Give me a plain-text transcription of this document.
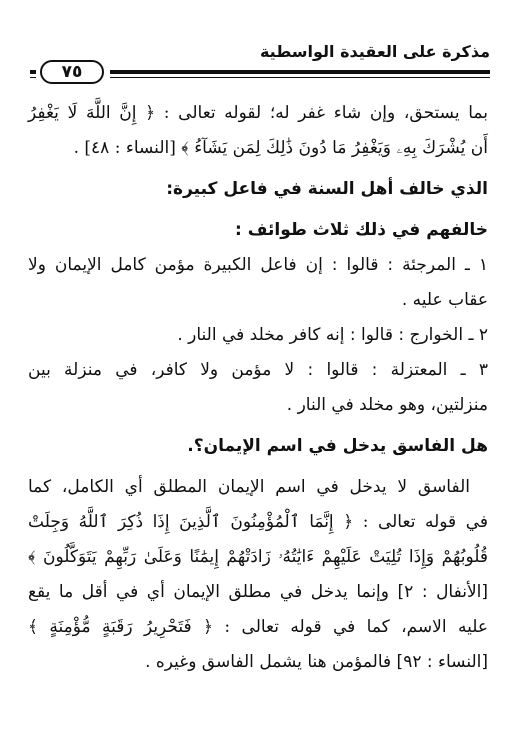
مذكرة على العقيدة الواسطية
٧٥
بما يستحق، وإن شاء غفر له؛ لقوله تعالى : ﴿ إِنَّ اللَّهَ لَا يَغْفِرُ
أَن يُشْرَكَ بِهِۦ وَيَغْفِرُ مَا دُونَ ذَٰلِكَ لِمَن يَشَآءُ ﴾ [النساء : ٤٨] .
الذي خالف أهل السنة في فاعل كبيرة:
خالفهم في ذلك ثلاث طوائف :
١ ـ المرجئة : قالوا : إن فاعل الكبيرة مؤمن كامل الإيمان ولا
عقاب عليه .
٢ ـ الخوارج : قالوا : إنه كافر مخلد في النار .
٣ ـ المعتزلة : قالوا : لا مؤمن ولا كافر، في منزلة بين
منزلتين، وهو مخلد في النار .
هل الفاسق يدخل في اسم الإيمان؟.
الفاسق لا يدخل في اسم الإيمان المطلق أي الكامل، كما
في قوله تعالى : ﴿ إِنَّمَا ٱلْمُؤْمِنُونَ ٱلَّذِينَ إِذَا ذُكِرَ ٱللَّهُ وَجِلَتْ
قُلُوبُهُمْ وَإِذَا تُلِيَتْ عَلَيْهِمْ ءَايَٰتُهُۥ زَادَتْهُمْ إِيمَٰنًا وَعَلَىٰ رَبِّهِمْ يَتَوَكَّلُونَ ﴾
[الأنفال : ٢] وإنما يدخل في مطلق الإيمان أي في أقل ما يقع
عليه الاسم، كما في قوله تعالى : ﴿ فَتَحْرِيرُ رَقَبَةٍ مُّؤْمِنَةٍ ﴾
[النساء : ٩٢] فالمؤمن هنا يشمل الفاسق وغيره .
